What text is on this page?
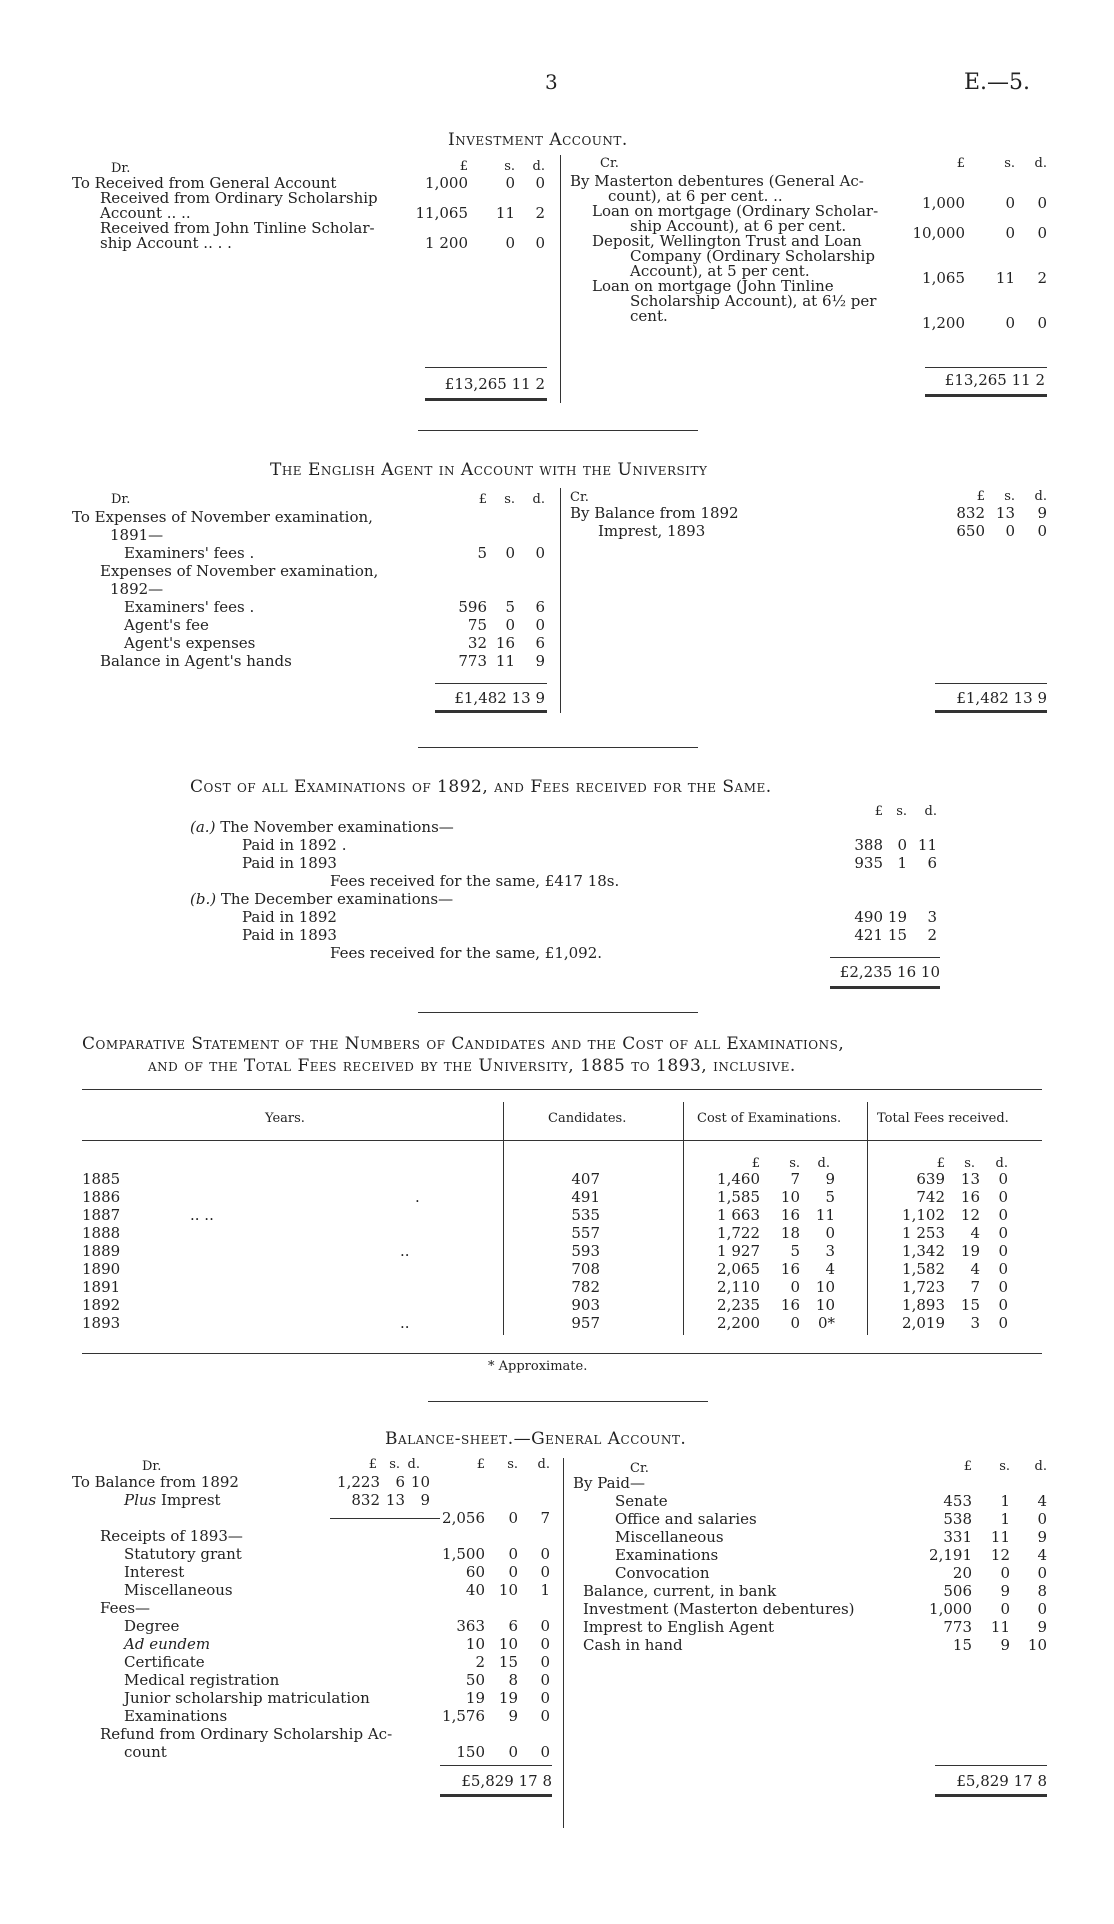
3	E.—5.
Investment Account.
Dr.	Cr.
£	s.	d.
To Received from General Account	1,000	0	0
Received from Ordinary Scholarship
Account .. ..	11,065	11	2
Received from John Tinline Scholar-
ship Account .. . .	1 200	0	0
£	s.	d.
By Masterton debentures (General Ac-
count), at 6 per cent. ..	1,000	0	0
Loan on mortgage (Ordinary Scholar-
ship Account), at 6 per cent.	10,000	0	0
Deposit, Wellington Trust and Loan
Company (Ordinary Scholarship
Account), at 5 per cent.	1,065	11	2
Loan on mortgage (John Tinline
Scholarship Account), at 6½ per
cent.	1,200	0	0
£13,265 11 2	£13,265 11 2
The English Agent in Account with the University
Dr.	Cr.
£	s.	d.
To Expenses of November examination,
1891—
Examiners' fees .	5	0	0
Expenses of November examination,
1892—
Examiners' fees .	596	5	6
Agent's fee	75	0	0
Agent's expenses	32 16	6
Balance in Agent's hands	773 11	9
£	s.	d.
By Balance from 1892	832 13	9
Imprest, 1893	650	0	0
£1,482 13 9	£1,482 13 9
Cost of all Examinations of 1892, and Fees received for the Same.
£	s.	d.
(a.) The November examinations—
Paid in 1892 .	388 0 11
Paid in 1893	935 1	6
Fees received for the same, £417 18s.
(b.) The December examinations—
Paid in 1892	490 19	3
Paid in 1893	421 15	2
Fees received for the same, £1,092.
£2,235 16 10
Comparative Statement of the Numbers of Candidates and the Cost of all Examinations,
and of the Total Fees received by the University, 1885 to 1893, inclusive.
Years.	Candidates.	Cost of Examinations.	Total Fees received.
£	s.	d.	£	s.	d.
1885	407	1,460	7	9	639	13	0
1886	.	491	1,585	10	5	742	16	0
1887	.. ..	535	1 663	16	11	1,102	12	0
1888	557	1,722	18	0	1 253	4	0
1889	..	593	1 927	5	3	1,342	19	0
1890	708	2,065	16	4	1,582	4	0
1891	782	2,110	0	10	1,723	7	0
1892	903	2,235	16	10	1,893	15	0
1893	..	957	2,200	0	0*	2,019	3	0
* Approximate.
Balance-sheet.—General Account.
Dr.	Cr.
£ s. d.	£	s.	d.
To Balance from 1892	1,223	6 10
Plus Imprest	832 13	9
2,056	0	7
Receipts of 1893—
Statutory grant	1,500	0	0
Interest	60	0	0
Miscellaneous	40 10	1
Fees—
Degree	363	6	0
Ad eundem	10 10	0
Certificate	2 15	0
Medical registration	50	8	0
Junior scholarship matriculation	19 19	0
Examinations	1,576	9	0
Refund from Ordinary Scholarship Ac-
count	150	0	0
£	s.	d.
By Paid—
Senate	453	1	4
Office and salaries	538	1	0
Miscellaneous	331	11	9
Examinations	2,191	12	4
Convocation	20	0	0
Balance, current, in bank	506	9	8
Investment (Masterton debentures)	1,000	0	0
Imprest to English Agent	773	11	9
Cash in hand	15	9	10
£5,829 17 8	£5,829 17 8
